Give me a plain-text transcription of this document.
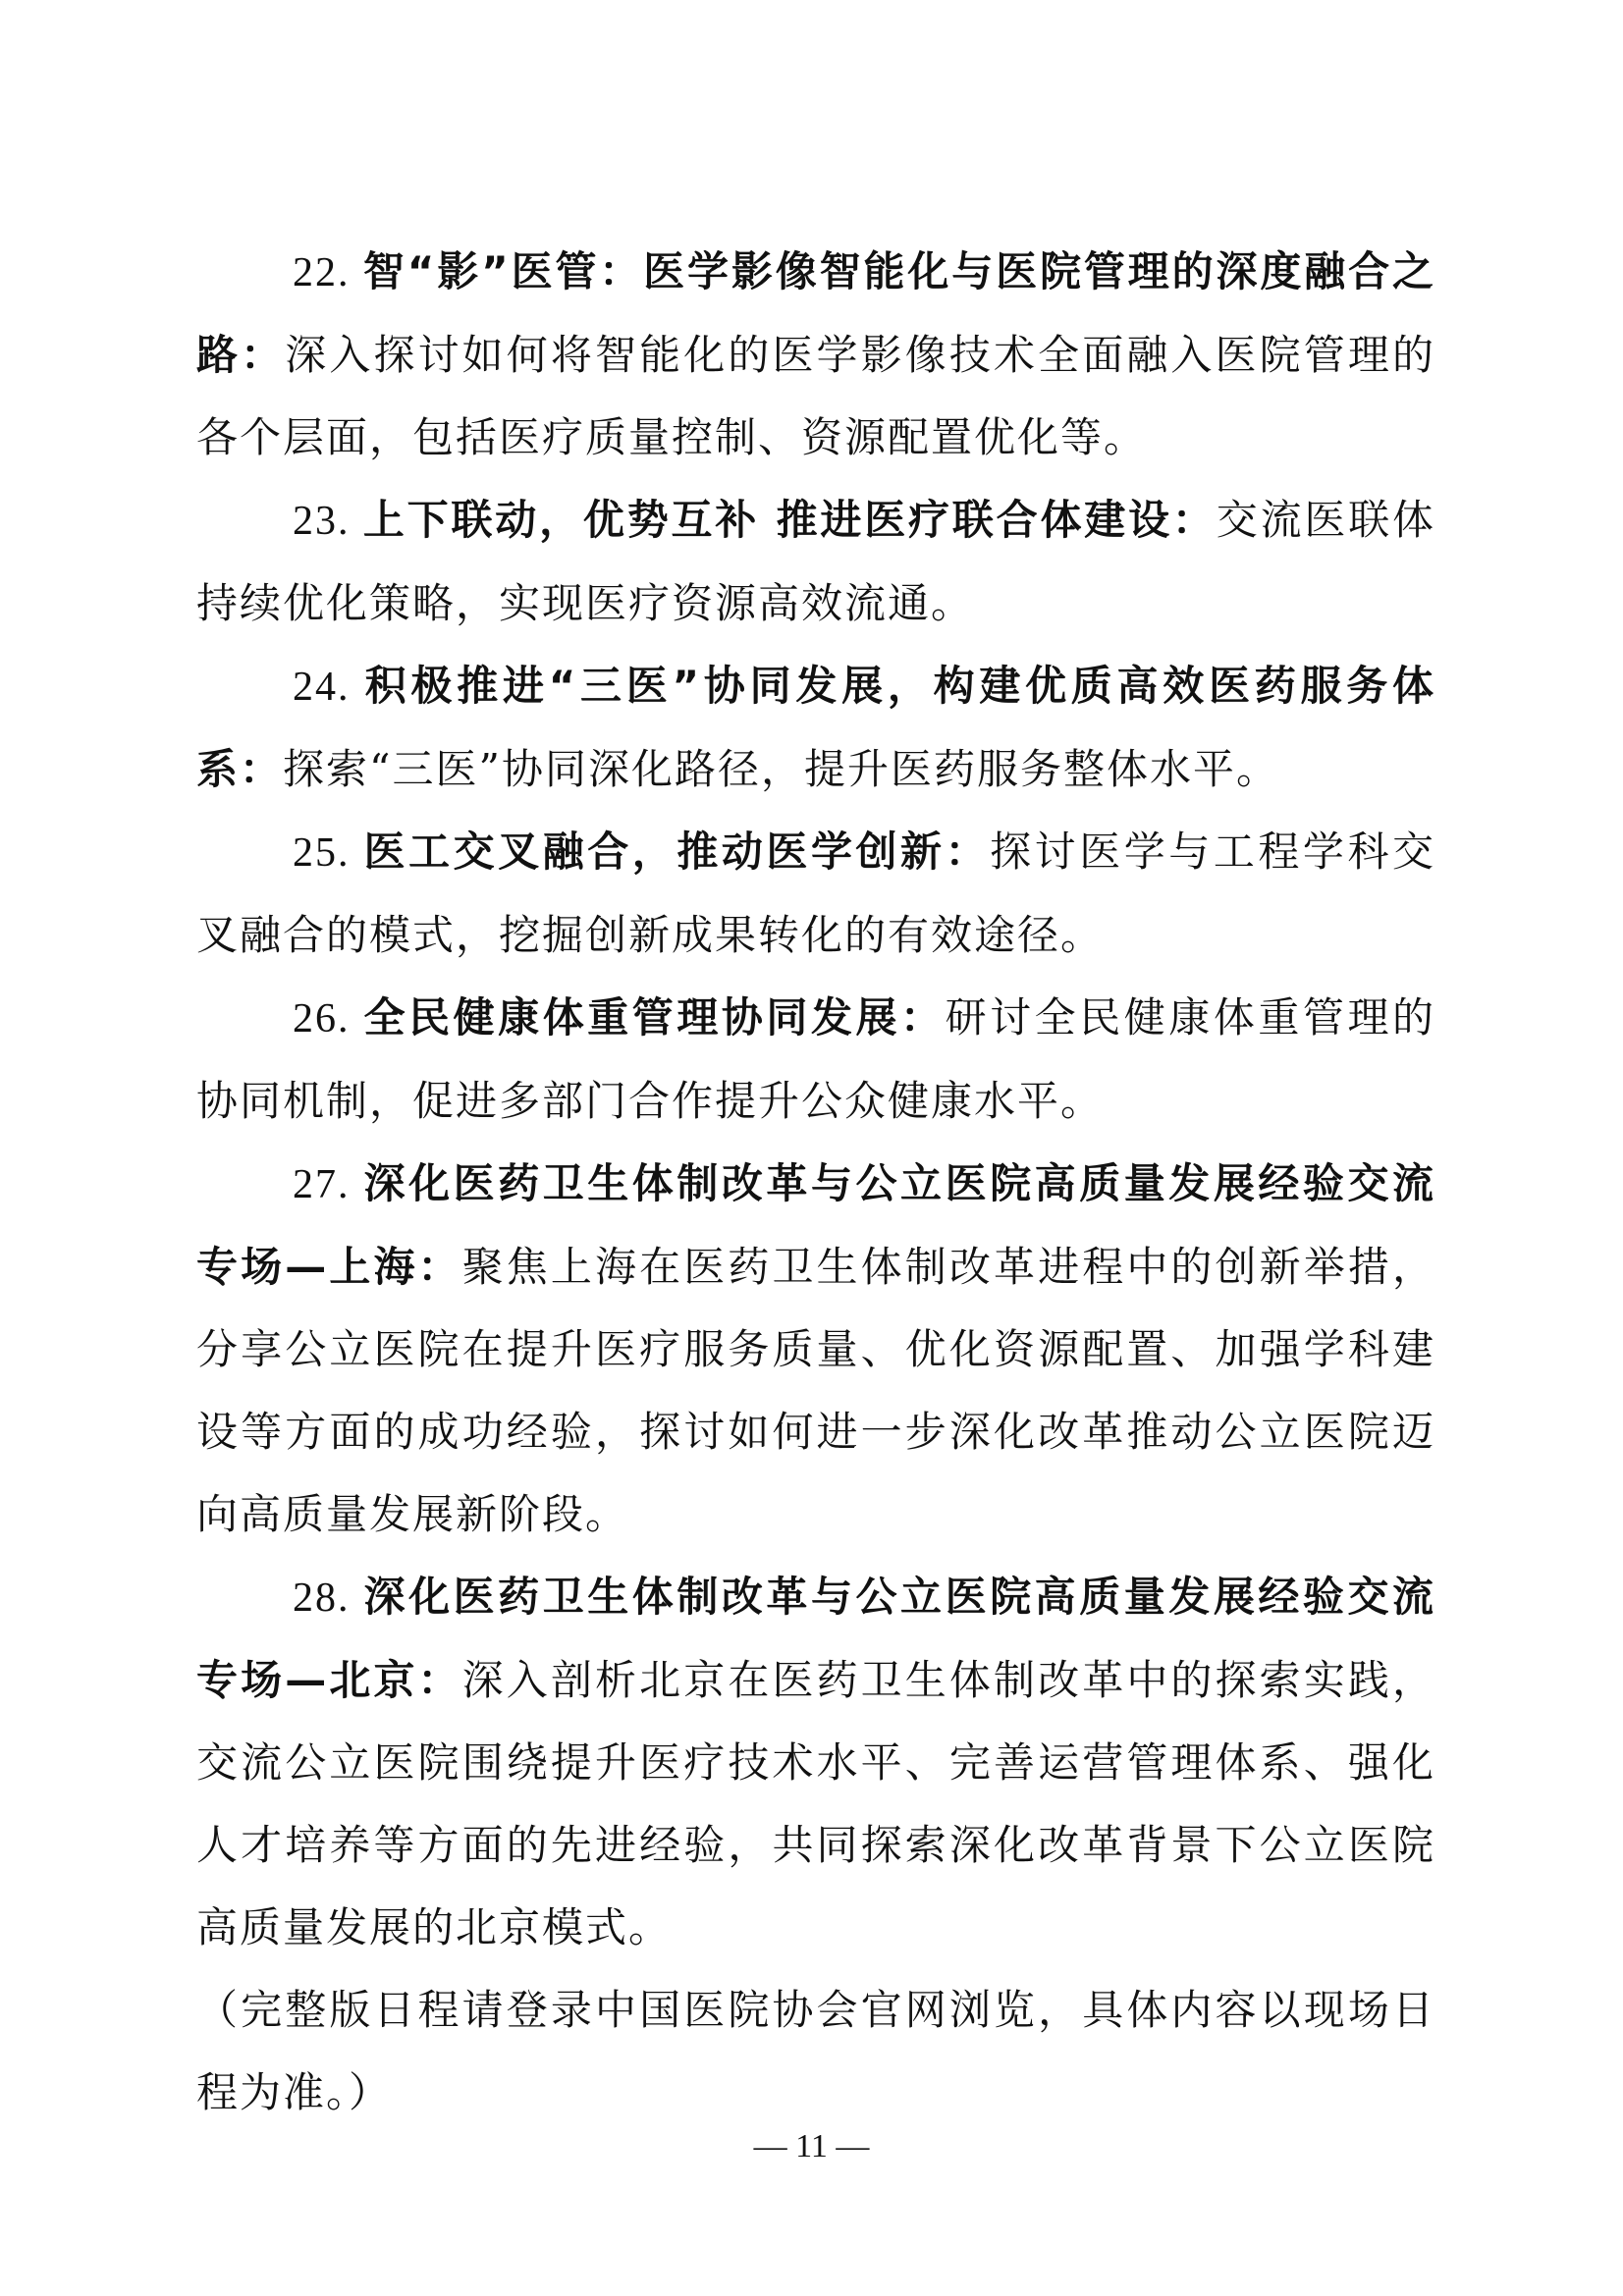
22. 智“影”医管：医学影像智能化与医院管理的深度融合之路：深入探讨如何将智能化的医学影像技术全面融入医院管理的各个层面，包括医疗质量控制、资源配置优化等。

23. 上下联动，优势互补 推进医疗联合体建设：交流医联体持续优化策略，实现医疗资源高效流通。

24. 积极推进“三医”协同发展，构建优质高效医药服务体系：探索“三医”协同深化路径，提升医药服务整体水平。

25. 医工交叉融合，推动医学创新：探讨医学与工程学科交叉融合的模式，挖掘创新成果转化的有效途径。

26. 全民健康体重管理协同发展：研讨全民健康体重管理的协同机制，促进多部门合作提升公众健康水平。

27. 深化医药卫生体制改革与公立医院高质量发展经验交流专场—上海：聚焦上海在医药卫生体制改革进程中的创新举措，分享公立医院在提升医疗服务质量、优化资源配置、加强学科建设等方面的成功经验，探讨如何进一步深化改革推动公立医院迈向高质量发展新阶段。

28. 深化医药卫生体制改革与公立医院高质量发展经验交流专场—北京：深入剖析北京在医药卫生体制改革中的探索实践，交流公立医院围绕提升医疗技术水平、完善运营管理体系、强化人才培养等方面的先进经验，共同探索深化改革背景下公立医院高质量发展的北京模式。

（完整版日程请登录中国医院协会官网浏览，具体内容以现场日程为准。）

— 11 —
